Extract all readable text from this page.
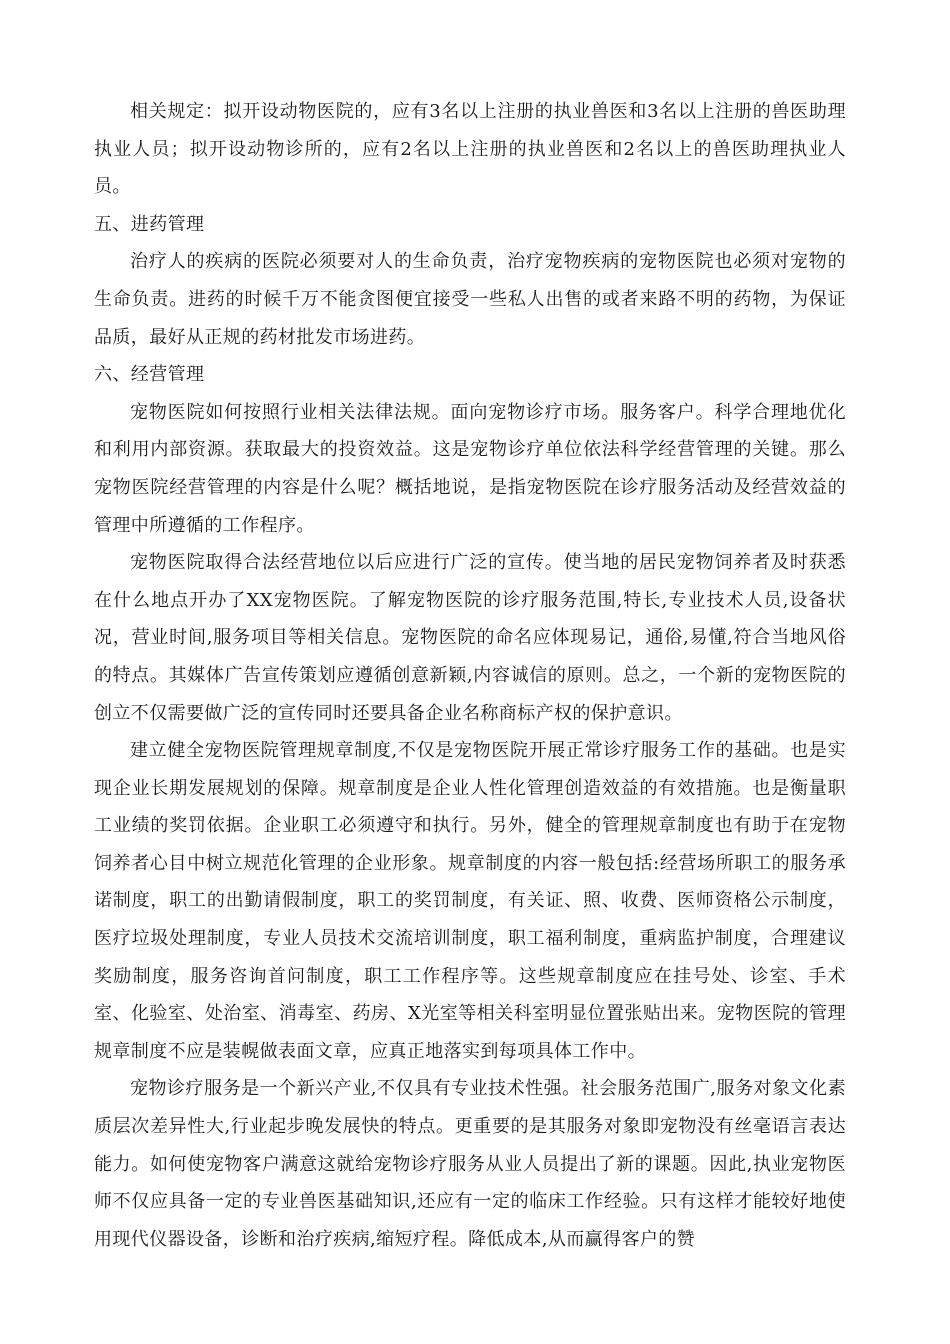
相关规定：拟开设动物医院的，应有3名以上注册的执业兽医和3名以上注册的兽医助理执业人员；拟开设动物诊所的，应有2名以上注册的执业兽医和2名以上的兽医助理执业人员。

五、进药管理

治疗人的疾病的医院必须要对人的生命负责，治疗宠物疾病的宠物医院也必须对宠物的生命负责。进药的时候千万不能贪图便宜接受一些私人出售的或者来路不明的药物，为保证品质，最好从正规的药材批发市场进药。

六、经营管理

宠物医院如何按照行业相关法律法规。面向宠物诊疗市场。服务客户。科学合理地优化和利用内部资源。获取最大的投资效益。这是宠物诊疗单位依法科学经营管理的关键。那么宠物医院经营管理的内容是什么呢？概括地说，是指宠物医院在诊疗服务活动及经营效益的管理中所遵循的工作程序。

宠物医院取得合法经营地位以后应进行广泛的宣传。使当地的居民宠物饲养者及时获悉在什么地点开办了XX宠物医院。了解宠物医院的诊疗服务范围,特长,专业技术人员,设备状况，营业时间,服务项目等相关信息。宠物医院的命名应体现易记，通俗,易懂,符合当地风俗的特点。其媒体广告宣传策划应遵循创意新颖,内容诚信的原则。总之，一个新的宠物医院的创立不仅需要做广泛的宣传同时还要具备企业名称商标产权的保护意识。

建立健全宠物医院管理规章制度,不仅是宠物医院开展正常诊疗服务工作的基础。也是实现企业长期发展规划的保障。规章制度是企业人性化管理创造效益的有效措施。也是衡量职工业绩的奖罚依据。企业职工必须遵守和执行。另外，健全的管理规章制度也有助于在宠物饲养者心目中树立规范化管理的企业形象。规章制度的内容一般包括:经营场所职工的服务承诺制度，职工的出勤请假制度，职工的奖罚制度，有关证、照、收费、医师资格公示制度，医疗垃圾处理制度，专业人员技术交流培训制度，职工福利制度，重病监护制度，合理建议奖励制度，服务咨询首问制度，职工工作程序等。这些规章制度应在挂号处、诊室、手术室、化验室、处治室、消毒室、药房、X光室等相关科室明显位置张贴出来。宠物医院的管理规章制度不应是装幌做表面文章，应真正地落实到每项具体工作中。

宠物诊疗服务是一个新兴产业,不仅具有专业技术性强。社会服务范围广,服务对象文化素质层次差异性大,行业起步晚发展快的特点。更重要的是其服务对象即宠物没有丝毫语言表达能力。如何使宠物客户满意这就给宠物诊疗服务从业人员提出了新的课题。因此,执业宠物医师不仅应具备一定的专业兽医基础知识,还应有一定的临床工作经验。只有这样才能较好地使用现代仪器设备，诊断和治疗疾病,缩短疗程。降低成本,从而赢得客户的赞
